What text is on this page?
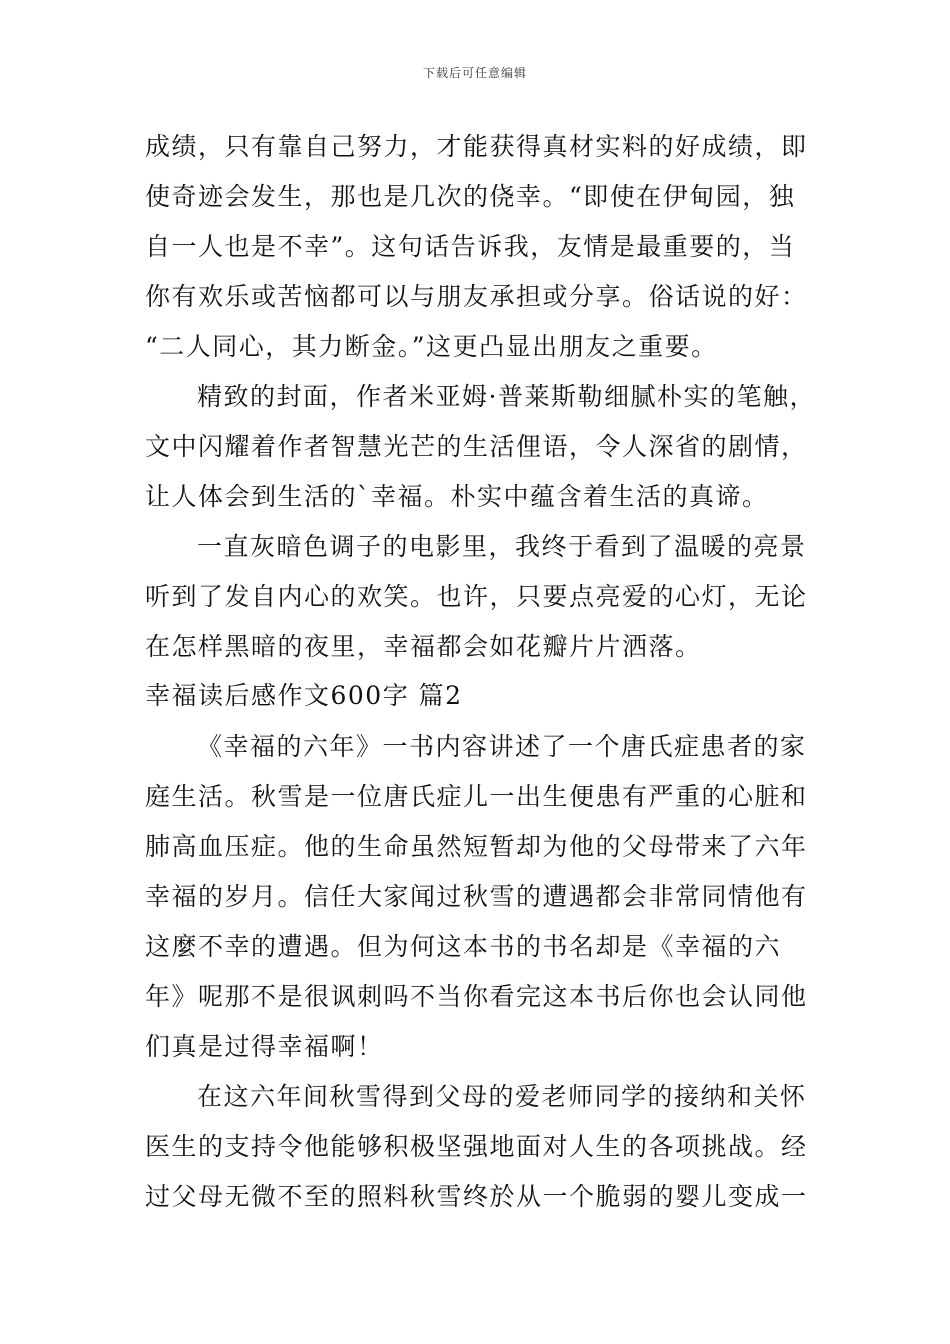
下载后可任意编辑
成绩，只有靠自己努力，才能获得真材实料的好成绩，即
使奇迹会发生，那也是几次的侥幸。“即使在伊甸园，独
自一人也是不幸”。这句话告诉我，友情是最重要的，当
你有欢乐或苦恼都可以与朋友承担或分享。俗话说的好：
“二人同心，其力断金。”这更凸显出朋友之重要。
精致的封面，作者米亚姆·普莱斯勒细腻朴实的笔触，
文中闪耀着作者智慧光芒的生活俚语，令人深省的剧情，
让人体会到生活的`幸福。朴实中蕴含着生活的真谛。
一直灰暗色调子的电影里，我终于看到了温暖的亮景
听到了发自内心的欢笑。也许，只要点亮爱的心灯，无论
在怎样黑暗的夜里，幸福都会如花瓣片片洒落。
幸福读后感作文600字 篇2
《幸福的六年》一书内容讲述了一个唐氏症患者的家
庭生活。秋雪是一位唐氏症儿一出生便患有严重的心脏和
肺高血压症。他的生命虽然短暂却为他的父母带来了六年
幸福的岁月。信任大家闻过秋雪的遭遇都会非常同情他有
这麼不幸的遭遇。但为何这本书的书名却是《幸福的六
年》呢那不是很讽刺吗不当你看完这本书后你也会认同他
们真是过得幸福啊！
在这六年间秋雪得到父母的爱老师同学的接纳和关怀
医生的支持令他能够积极坚强地面对人生的各项挑战。经
过父母无微不至的照料秋雪终於从一个脆弱的婴儿变成一
